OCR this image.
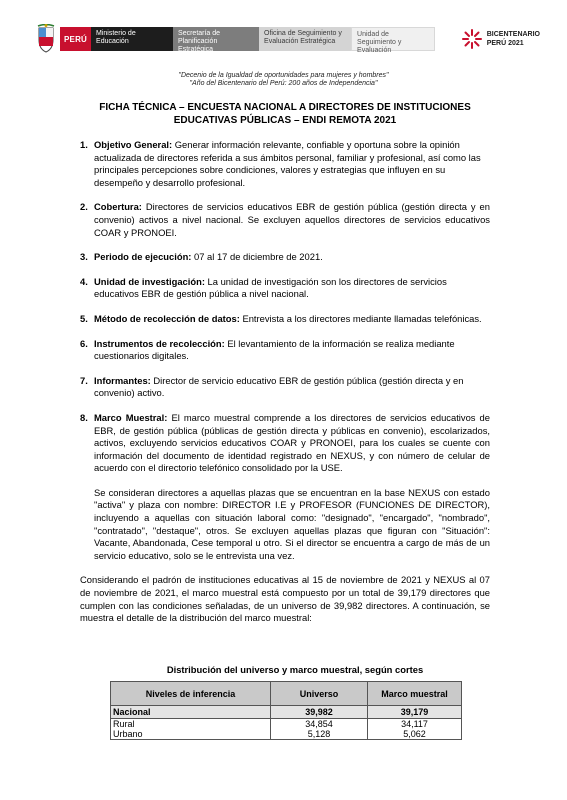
PERÚ
Ministerio de Educación
Secretaría de Planificación Estratégica
Oficina de Seguimiento y Evaluación Estratégica
Unidad de Seguimiento y Evaluación
BICENTENARIO
PERÚ 2021
"Decenio de la Igualdad de oportunidades para mujeres y hombres"
"Año del Bicentenario del Perú: 200 años de Independencia"
FICHA TÉCNICA – ENCUESTA NACIONAL A DIRECTORES DE INSTITUCIONES
EDUCATIVAS PÚBLICAS – ENDI REMOTA 2021
1. Objetivo General: Generar información relevante, confiable y oportuna sobre la opinión actualizada de directores referida a sus ámbitos personal, familiar y profesional, así como las principales percepciones sobre condiciones, valores y estrategias que influyen en su desempeño y desarrollo profesional.
2. Cobertura: Directores de servicios educativos EBR de gestión pública (gestión directa y en convenio) activos a nivel nacional. Se excluyen aquellos directores de servicios educativos COAR y PRONOEI.
3. Periodo de ejecución: 07 al 17 de diciembre de 2021.
4. Unidad de investigación: La unidad de investigación son los directores de servicios educativos EBR de gestión pública a nivel nacional.
5. Método de recolección de datos: Entrevista a los directores mediante llamadas telefónicas.
6. Instrumentos de recolección: El levantamiento de la información se realiza mediante cuestionarios digitales.
7. Informantes: Director de servicio educativo EBR de gestión pública (gestión directa y en convenio) activo.
8. Marco Muestral: El marco muestral comprende a los directores de servicios educativos de EBR, de gestión pública (públicas de gestión directa y públicas en convenio), escolarizados, activos, excluyendo servicios educativos COAR y PRONOEI, para los cuales se cuente con información del documento de identidad registrado en NEXUS, y con número de celular de acuerdo con el directorio telefónico consolidado por la USE.

Se consideran directores a aquellas plazas que se encuentran en la base NEXUS con estado "activa" y plaza con nombre: DIRECTOR I.E y PROFESOR (FUNCIONES DE DIRECTOR), incluyendo a aquellas con situación laboral como: "designado", "encargado", "nombrado", "contratado", "destaque", otros. Se excluyen aquellas plazas que figuran con "Situación": Vacante, Abandonada, Cese temporal u otro. Si el director se encuentra a cargo de más de un servicio educativo, solo se le entrevista una vez.

Considerando el padrón de instituciones educativas al 15 de noviembre de 2021 y NEXUS al 07 de noviembre de 2021, el marco muestral está compuesto por un total de 39,179 directores que cumplen con las condiciones señaladas, de un universo de 39,982 directores. A continuación, se muestra el detalle de la distribución del marco muestral:

Distribución del universo y marco muestral, según cortes
Niveles de inferencia	Universo	Marco muestral
Nacional	39,982	39,179
Rural	34,854	34,117
Urbano	5,128	5,062
